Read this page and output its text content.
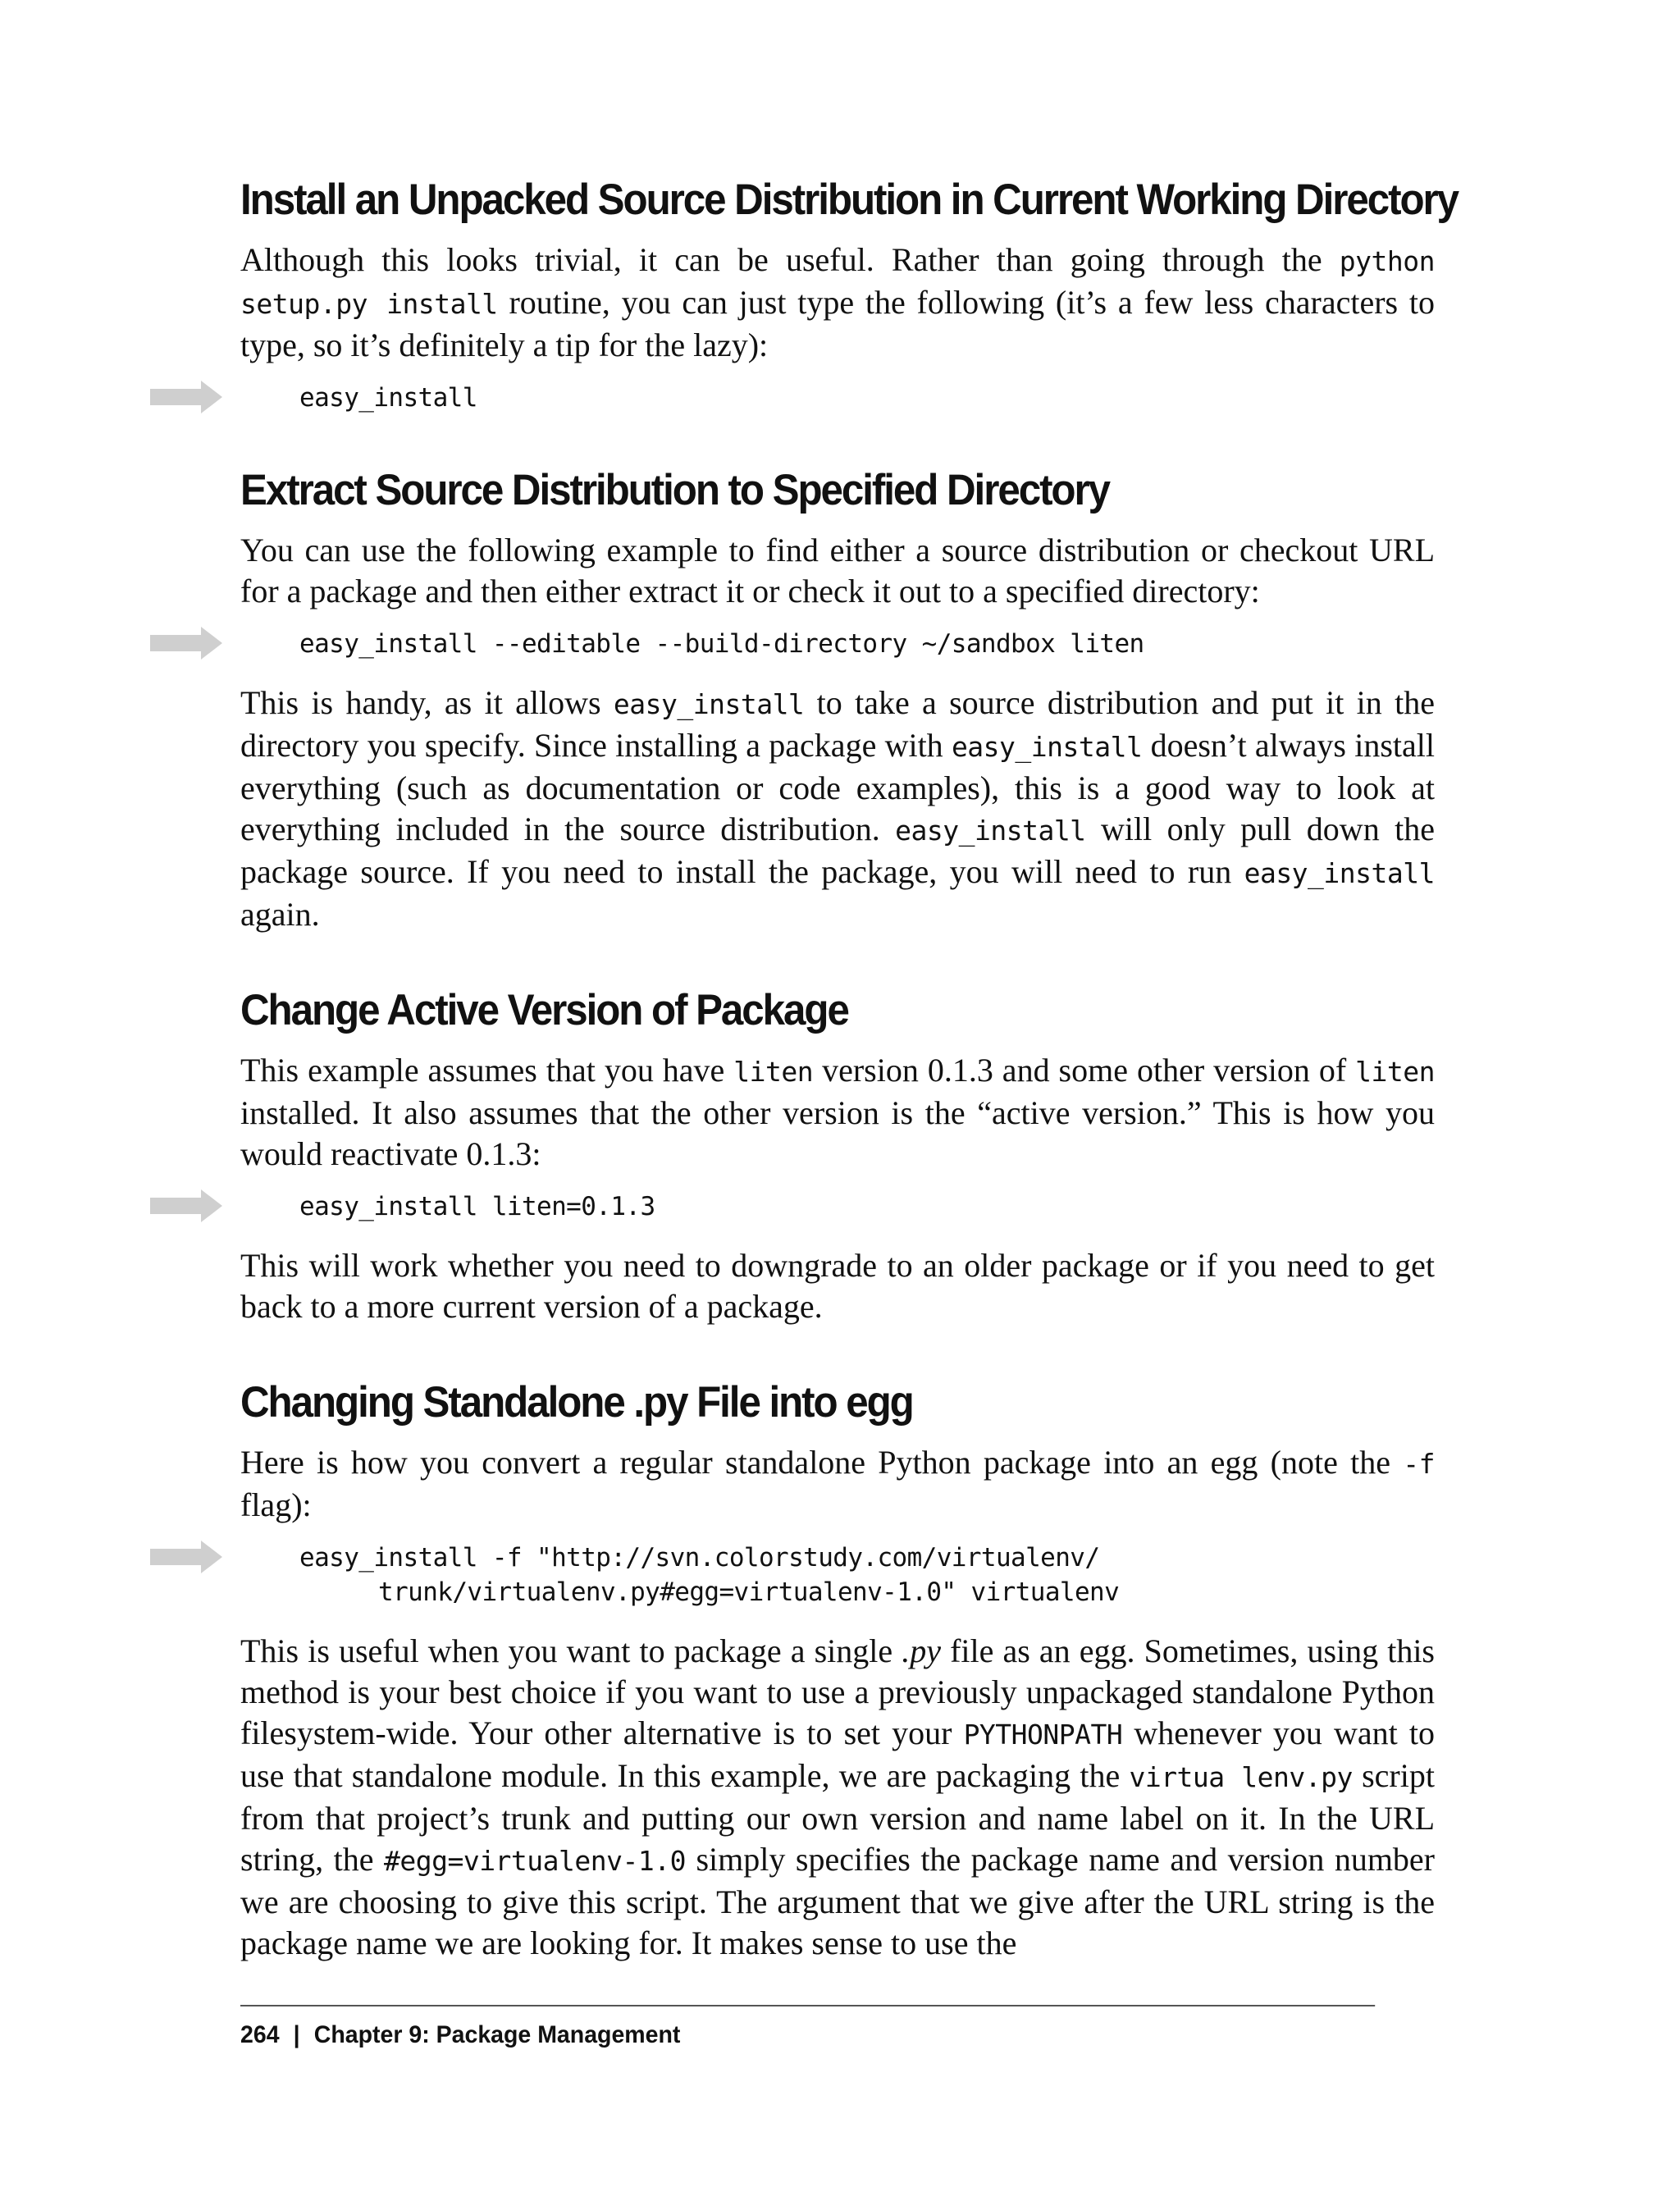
Install an Unpacked Source Distribution in Current Working Directory

Although this looks trivial, it can be useful. Rather than going through the python setup.py install routine, you can just type the following (it’s a few less characters to type, so it’s definitely a tip for the lazy):

easy_install
Extract Source Distribution to Specified Directory

You can use the following example to find either a source distribution or checkout URL for a package and then either extract it or check it out to a specified directory:

easy_install --editable --build-directory ~/sandbox liten

This is handy, as it allows easy_install to take a source distribution and put it in the directory you specify. Since installing a package with easy_install doesn’t always install everything (such as documentation or code examples), this is a good way to look at everything included in the source distribution. easy_install will only pull down the package source. If you need to install the package, you will need to run easy_install again.

Change Active Version of Package

This example assumes that you have liten version 0.1.3 and some other version of liten installed. It also assumes that the other version is the “active version.” This is how you would reactivate 0.1.3:

easy_install liten=0.1.3

This will work whether you need to downgrade to an older package or if you need to get back to a more current version of a package.

Changing Standalone .py File into egg

Here is how you convert a regular standalone Python package into an egg (note the -f flag):

easy_install -f "http://svn.colorstudy.com/virtualenv/
trunk/virtualenv.py#egg=virtualenv-1.0" virtualenv

This is useful when you want to package a single .py file as an egg. Sometimes, using this method is your best choice if you want to use a previously unpackaged standalone Python filesystem-wide. Your other alternative is to set your PYTHONPATH whenever you want to use that standalone module. In this example, we are packaging the virtua lenv.py script from that project’s trunk and putting our own version and name label on it. In the URL string, the #egg=virtualenv-1.0 simply specifies the package name and version number we are choosing to give this script. The argument that we give after the URL string is the package name we are looking for. It makes sense to use the

264 | Chapter 9: Package Management
